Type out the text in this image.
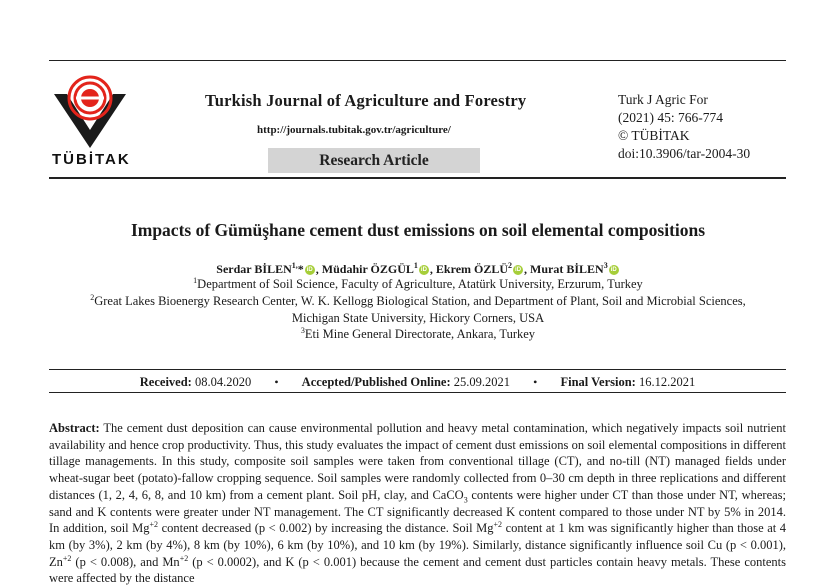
TÜBİTAK
Turkish Journal of Agriculture and Forestry
http://journals.tubitak.gov.tr/agriculture/
Research Article
Turk J Agric For
(2021) 45: 766-774
© TÜBİTAK
doi:10.3906/tar-2004-30
Impacts of Gümüşhane cement dust emissions on soil elemental compositions
Serdar $BİLEN^{1,}*$ iD , Müdahir ÖZGÜL$^1$iD , Ekrem ÖZLÜ$^2$iD , Murat BİLEN$^3$iD
$^1$Department of Soil Science, Faculty of Agriculture, Atatürk University, Erzurum, Turkey
$^2$Great Lakes Bioenergy Research Center, W. K. Kellogg Biological Station, and Department of Plant, Soil and Microbial Sciences,
Michigan State University, Hickory Corners, USA
$^3$Eti Mine General Directorate, Ankara, Turkey
Received: 08.04.2020 • Accepted/Published Online: 25.09.2021 • Final Version: 16.12.2021

Abstract: The cement dust deposition can cause environmental pollution and heavy metal contamination, which negatively impacts soil nutrient availability and hence crop productivity. Thus, this study evaluates the impact of cement dust emissions on soil elemental compositions in different tillage managements. In this study, composite soil samples were taken from conventional tillage (CT), and no-till (NT) managed fields under wheat-sugar beet (potato)-fallow cropping sequence. Soil samples were randomly collected from 0–30 cm depth in three replications and different distances (1, 2, 4, 6, 8, and 10 km) from a cement plant. Soil pH, clay, and CaCO$_3$ contents were higher under CT than those under NT, whereas; sand and K contents were greater under NT management. The CT significantly decreased K content compared to those under NT by 5% in 2014. In addition, soil $Mg^{+2}$ content decreased (p < 0.002) by increasing the distance. Soil $Mg^{+2}$ content at 1 km was significantly higher than those at 4 km (by 3%), 2 km (by 4%), 8 km (by 10%), 6 km (by 10%), and 10 km (by 19%). Similarly, distance significantly influence soil Cu (p < 0.001), $Zn^{+2}$ (p < 0.008), and $Mn^{+2}$ (p < 0.0002), and K (p < 0.001) because the cement and cement dust particles contain heavy metals. These contents were affected by the distance
